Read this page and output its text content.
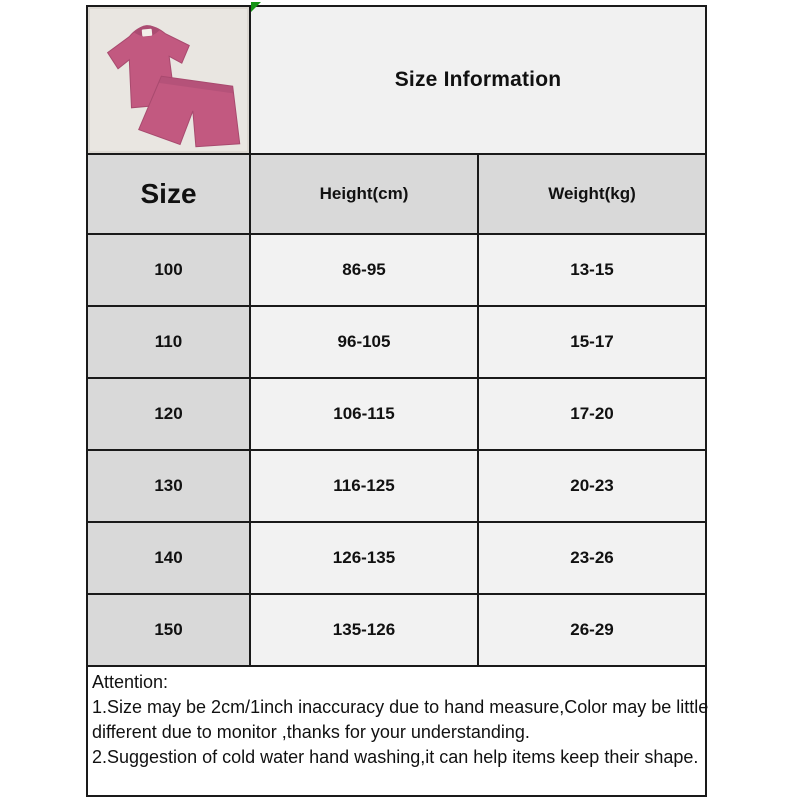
Size Information
Size	Height(cm)	Weight(kg)
100	86-95	13-15
110	96-105	15-17
120	106-115	17-20
130	116-125	20-23
140	126-135	23-26
150	135-126	26-29
Attention:
1.Size may be 2cm/1inch inaccuracy due to hand measure,Color may be little
different due to monitor ,thanks for your understanding.
2.Suggestion of cold water hand washing,it can help items keep their shape.
